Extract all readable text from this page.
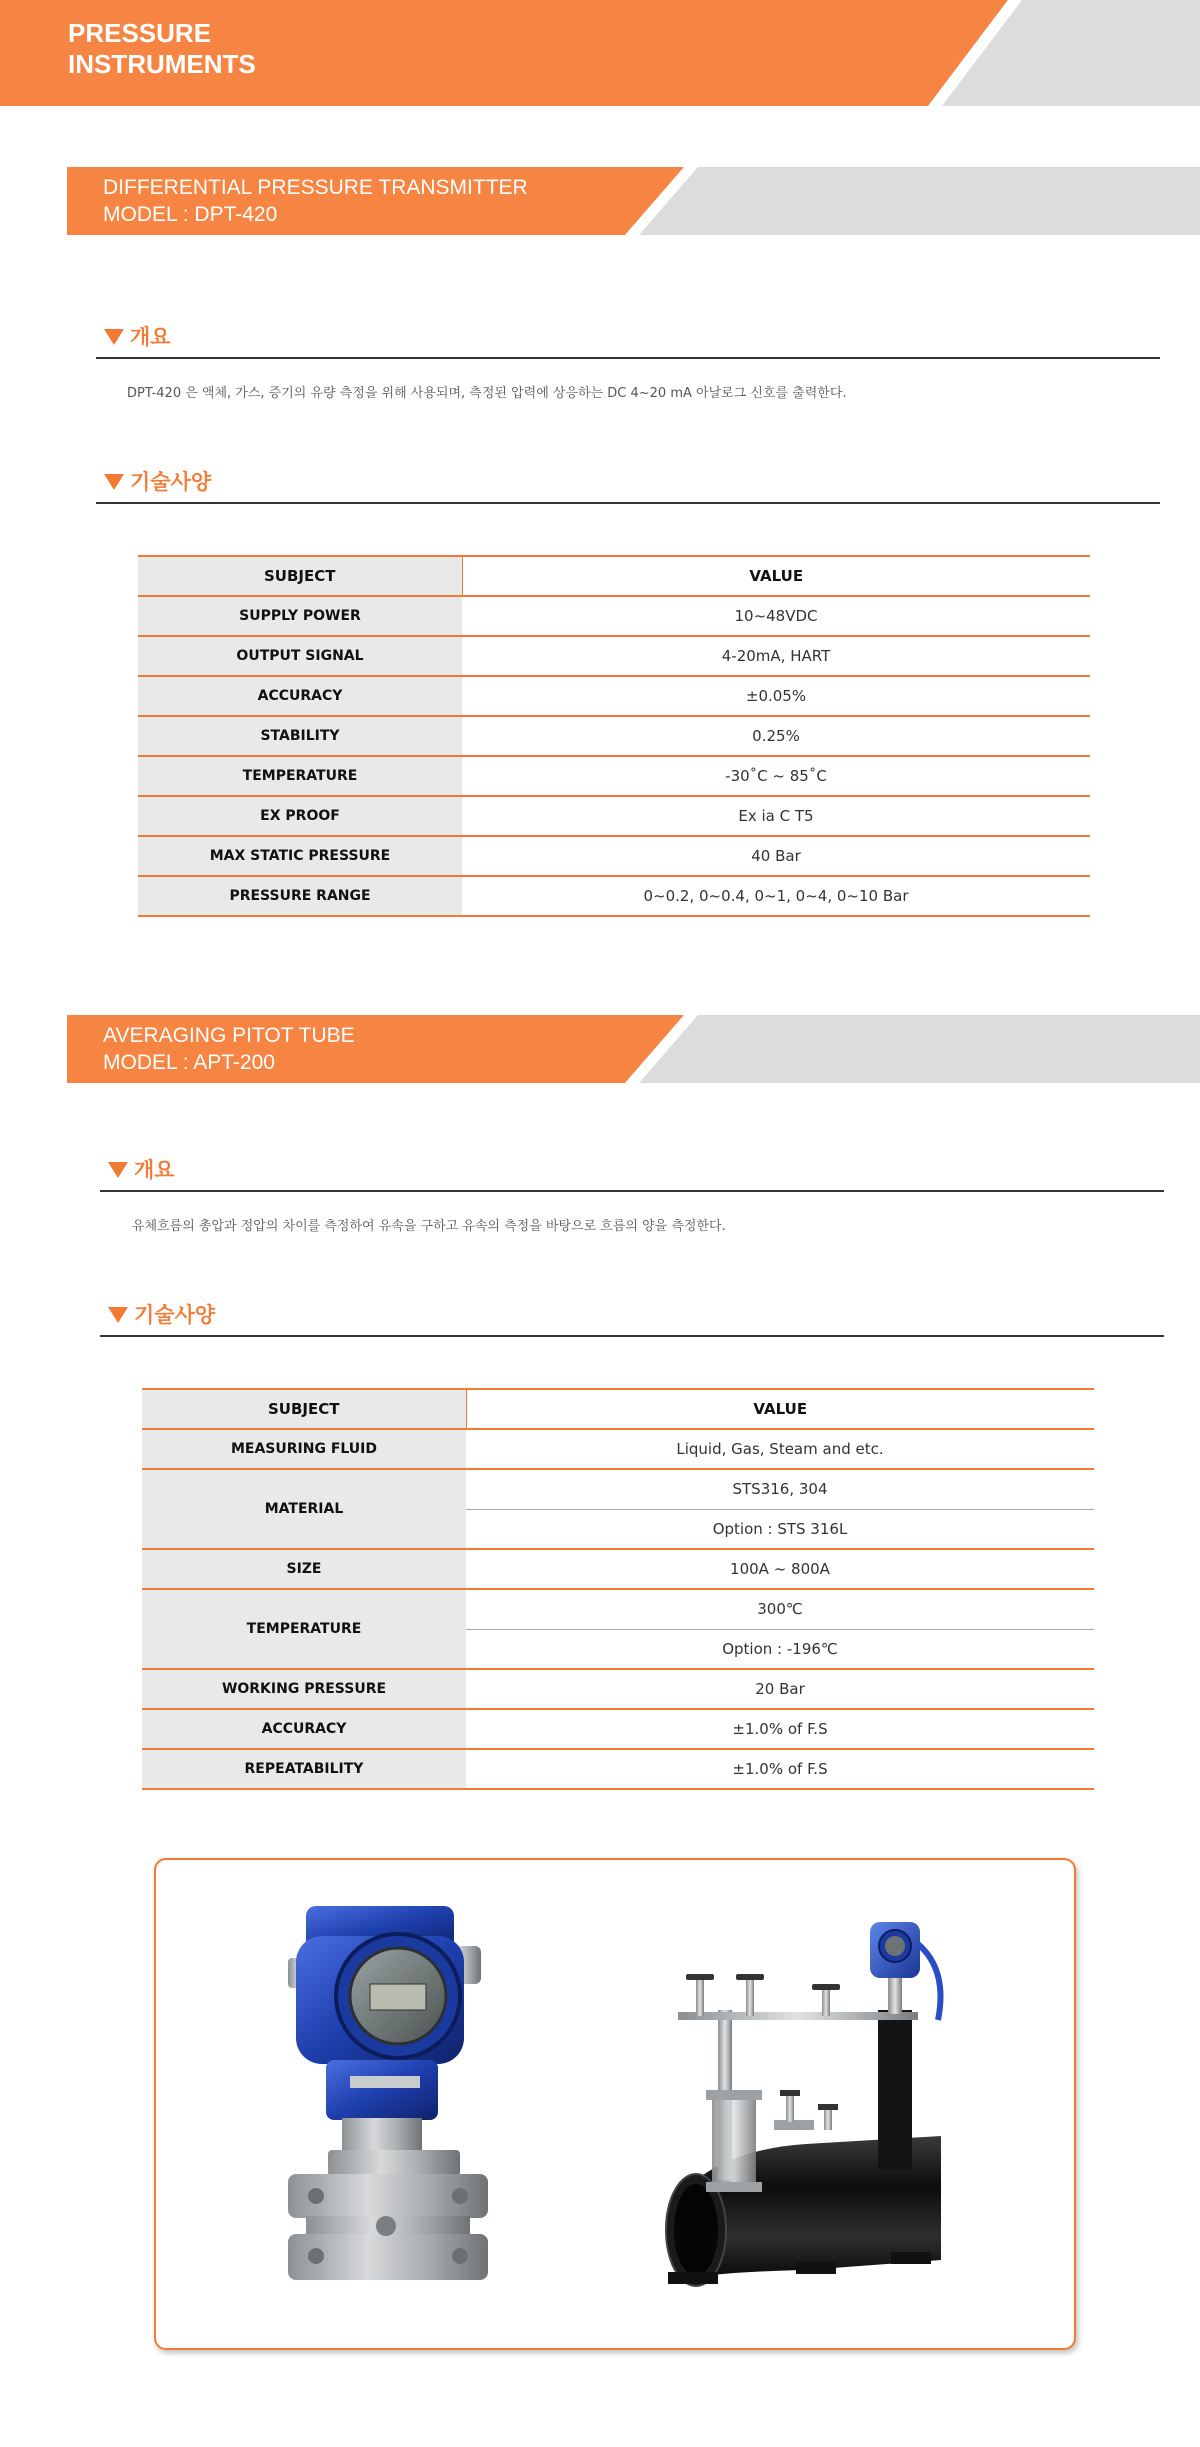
PRESSURE
INSTRUMENTS
DIFFERENTIAL PRESSURE TRANSMITTER
MODEL : DPT-420
개요
DPT-420 은 액체, 가스, 증기의 유량 측정을 위해 사용되며, 측정된 압력에 상응하는 DC 4~20 mA 아날로그 신호를 출력한다.
기술사양
SUBJECT	VALUE
SUPPLY POWER	10~48VDC
OUTPUT SIGNAL	4-20mA, HART
ACCURACY	±0.05%
STABILITY	0.25%
TEMPERATURE	-30˚C ~ 85˚C
EX PROOF	Ex ia C T5
MAX STATIC PRESSURE	40 Bar
PRESSURE RANGE	0~0.2, 0~0.4, 0~1, 0~4, 0~10 Bar
AVERAGING PITOT TUBE
MODEL : APT-200
개요
유체흐름의 총압과 정압의 차이를 측정하여 유속을 구하고 유속의 측정을 바탕으로 흐름의 양을 측정한다.
기술사양
SUBJECT	VALUE
MEASURING FLUID	Liquid, Gas, Steam and etc.
MATERIAL	STS316, 304
	Option : STS 316L
SIZE	100A ~ 800A
TEMPERATURE	300℃
	Option : -196℃
WORKING PRESSURE	20 Bar
ACCURACY	±1.0% of F.S
REPEATABILITY	±1.0% of F.S
